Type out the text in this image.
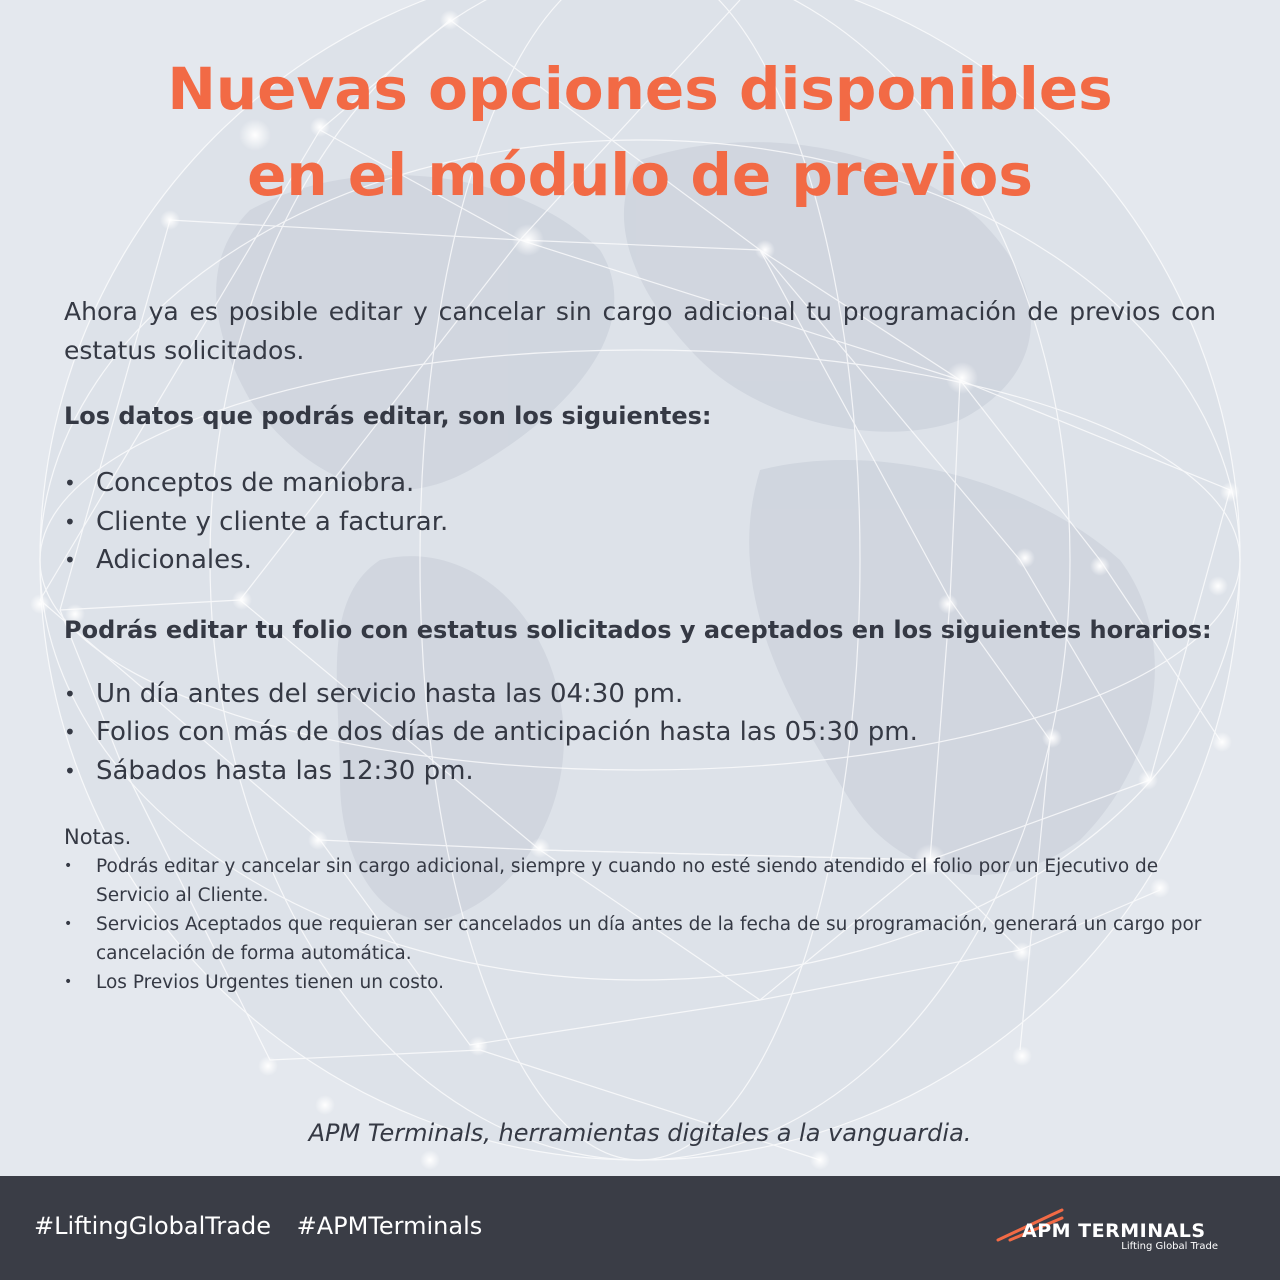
Nuevas opciones disponibles
en el módulo de previos

Ahora ya es posible editar y cancelar sin cargo adicional tu programación de previos con estatus solicitados.

Los datos que podrás editar, son los siguientes:

• Conceptos de maniobra.
• Cliente y cliente a facturar.
• Adicionales.

Podrás editar tu folio con estatus solicitados y aceptados en los siguientes horarios:

• Un día antes del servicio hasta las 04:30 pm.
• Folios con más de dos días de anticipación hasta las 05:30 pm.
• Sábados hasta las 12:30 pm.

Notas.

• Podrás editar y cancelar sin cargo adicional, siempre y cuando no esté siendo atendido el folio por un Ejecutivo de Servicio al Cliente.
• Servicios Aceptados que requieran ser cancelados un día antes de la fecha de su programación, generará un cargo por cancelación de forma automática.
• Los Previos Urgentes tienen un costo.
APM Terminals, herramientas digitales a la vanguardia.
#LiftingGlobalTrade #APMTerminals	APM TERMINALS
Lifting Global Trade
